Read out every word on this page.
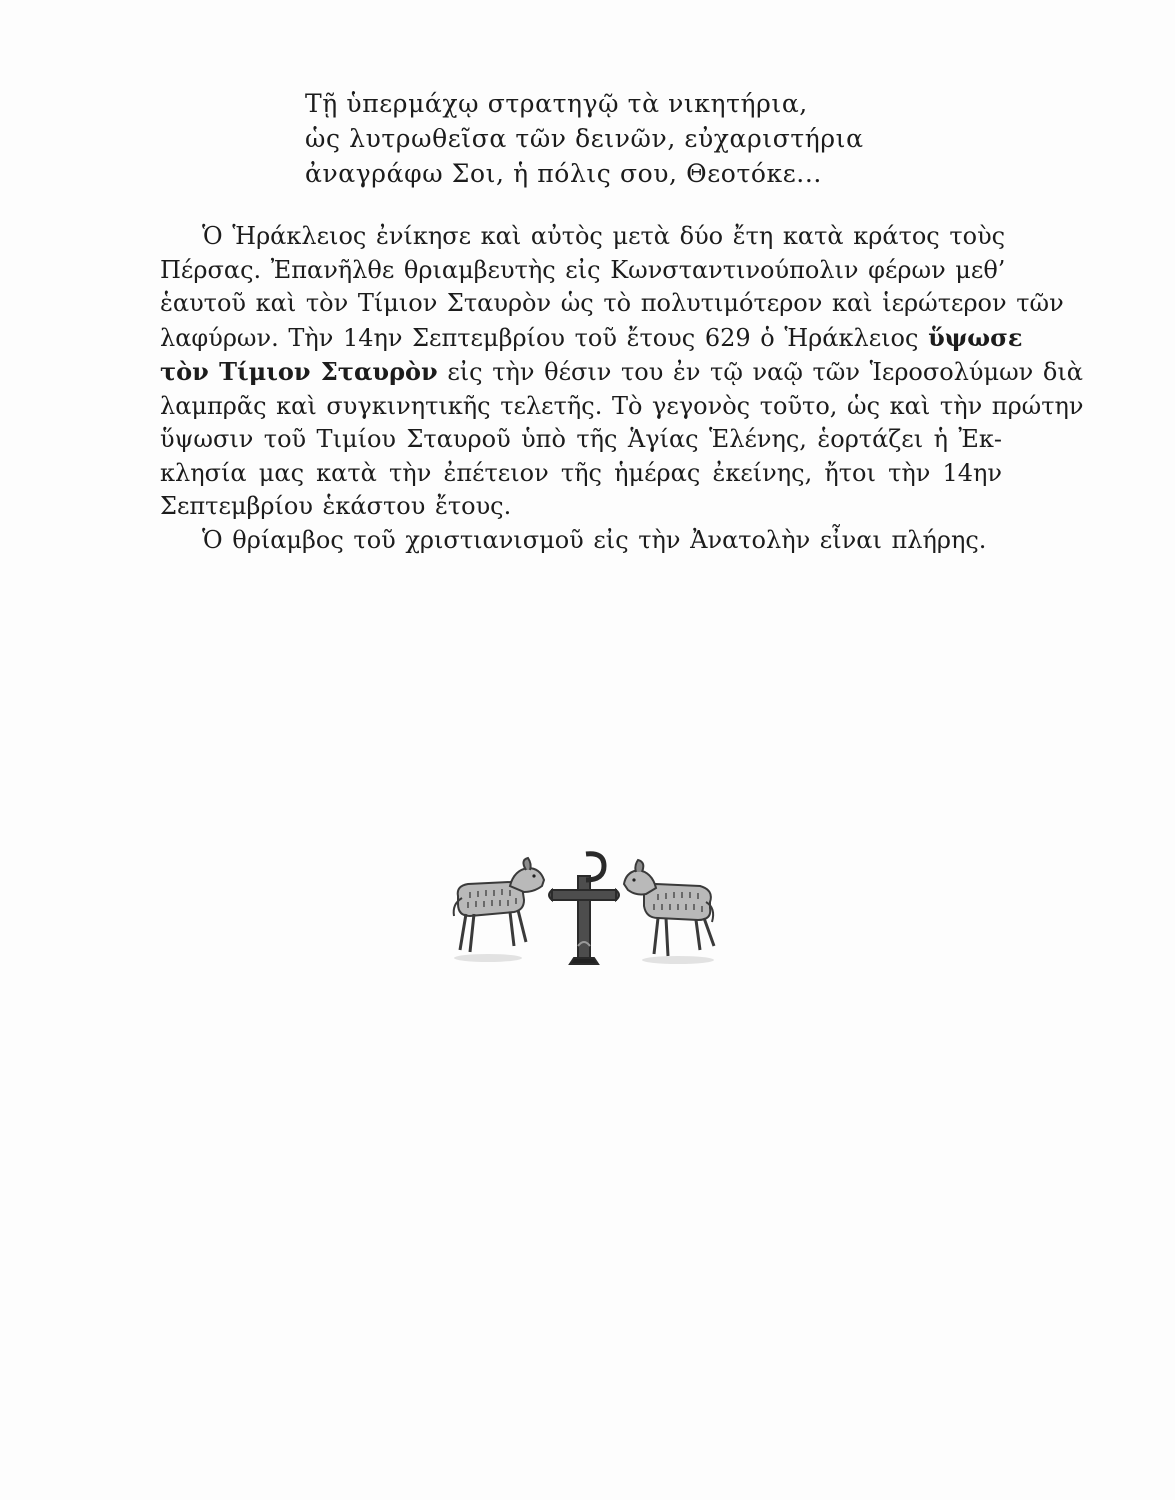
Τῇ ὑπερμάχῳ στρατηγῷ τὰ νικητήρια,
ὡς λυτρωθεῖσα τῶν δεινῶν, εὐχαριστήρια
ἀναγράφω Σοι, ἡ πόλις σου, Θεοτόκε...
Ὁ Ἡράκλειος ἐνίκησε καὶ αὐτὸς μετὰ δύο ἔτη κατὰ κράτος τοὺς
Πέρσας. Ἐπανῆλθε θριαμβευτὴς εἰς Κωνσταντινούπολιν φέρων μεθ’
ἑαυτοῦ καὶ τὸν Τίμιον Σταυρὸν ὡς τὸ πολυτιμότερον καὶ ἱερώτερον τῶν
λαφύρων. Τὴν 14ην Σεπτεμβρίου τοῦ ἔτους 629 ὁ Ἡράκλειος ὕψωσε
τὸν Τίμιον Σταυρὸν εἰς τὴν θέσιν του ἐν τῷ ναῷ τῶν Ἱεροσολύμων διὰ
λαμπρᾶς καὶ συγκινητικῆς τελετῆς. Τὸ γεγονὸς τοῦτο, ὡς καὶ τὴν πρώτην
ὕψωσιν τοῦ Τιμίου Σταυροῦ ὑπὸ τῆς Ἁγίας Ἑλένης, ἑορτάζει ἡ Ἐκ-
κλησία μας κατὰ τὴν ἐπέτειον τῆς ἡμέρας ἐκείνης, ἤτοι τὴν 14ην
Σεπτεμβρίου ἑκάστου ἔτους.
Ὁ θρίαμβος τοῦ χριστιανισμοῦ εἰς τὴν Ἀνατολὴν εἶναι πλήρης.
